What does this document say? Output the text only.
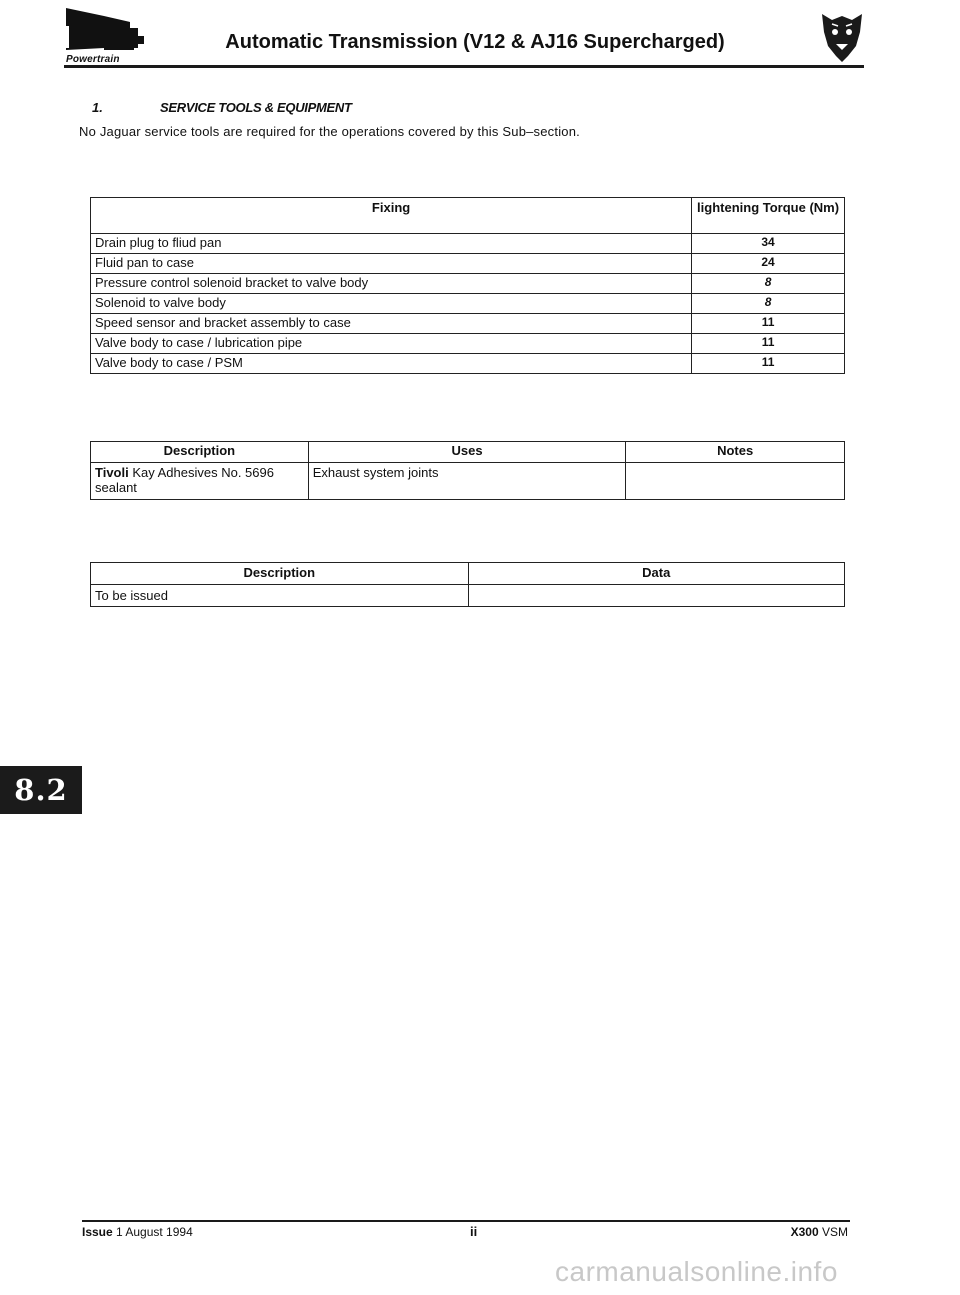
Powertrain
Automatic Transmission (V12 & AJ16 Supercharged)
1.	SERVICE TOOLS & EQUIPMENT
No Jaguar service tools are required for the operations covered by this Sub–section.
Fixing	lightening Torque (Nm)
Drain plug to fliud pan	34
Fluid pan to case	24
Pressure control solenoid bracket to valve body	8
Solenoid to valve body	8
Speed sensor and bracket assembly to case	11
Valve body to case / lubrication pipe	11
Valve body to case / PSM	11
Description	Uses	Notes
Tivoli Kay Adhesives No. 5696 sealant	Exhaust system joints	
Description	Data
To be issued	
8.2
Issue 1 August 1994	ii	X300 VSM
carmanualsonline.info
